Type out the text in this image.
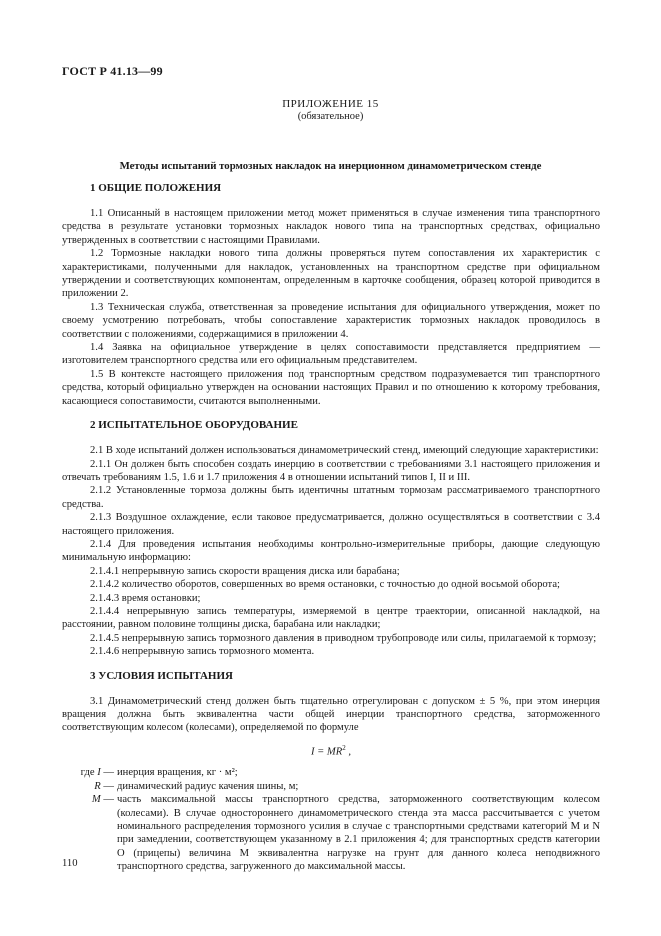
ГОСТ Р 41.13—99
ПРИЛОЖЕНИЕ 15
(обязательное)
Методы испытаний тормозных накладок на инерционном динамометрическом стенде
1 ОБЩИЕ ПОЛОЖЕНИЯ

1.1 Описанный в настоящем приложении метод может применяться в случае изменения типа транспортного средства в результате установки тормозных накладок нового типа на транспортных средствах, официально утвержденных в соответствии с настоящими Правилами.

1.2 Тормозные накладки нового типа должны проверяться путем сопоставления их характеристик с характеристиками, полученными для накладок, установленных на транспортном средстве при официальном утверждении и соответствующих компонентам, определенным в карточке сообщения, образец которой приводится в приложении 2.

1.3 Техническая служба, ответственная за проведение испытания для официального утверждения, может по своему усмотрению потребовать, чтобы сопоставление характеристик тормозных накладок проводилось в соответствии с положениями, содержащимися в приложении 4.

1.4 Заявка на официальное утверждение в целях сопоставимости представляется предприятием — изготовителем транспортного средства или его официальным представителем.

1.5 В контексте настоящего приложения под транспортным средством подразумевается тип транспортного средства, который официально утвержден на основании настоящих Правил и по отношению к которому требования, касающиеся сопоставимости, считаются выполненными.

2 ИСПЫТАТЕЛЬНОЕ ОБОРУДОВАНИЕ

2.1 В ходе испытаний должен использоваться динамометрический стенд, имеющий следующие характеристики:

2.1.1 Он должен быть способен создать инерцию в соответствии с требованиями 3.1 настоящего приложения и отвечать требованиям 1.5, 1.6 и 1.7 приложения 4 в отношении испытаний типов I, II и III.

2.1.2 Установленные тормоза должны быть идентичны штатным тормозам рассматриваемого транспортного средства.

2.1.3 Воздушное охлаждение, если таковое предусматривается, должно осуществляться в соответствии с 3.4 настоящего приложения.

2.1.4 Для проведения испытания необходимы контрольно-измерительные приборы, дающие следующую минимальную информацию:

2.1.4.1 непрерывную запись скорости вращения диска или барабана;

2.1.4.2 количество оборотов, совершенных во время остановки, с точностью до одной восьмой оборота;

2.1.4.3 время остановки;

2.1.4.4 непрерывную запись температуры, измеряемой в центре траектории, описанной накладкой, на расстоянии, равном половине толщины диска, барабана или накладки;

2.1.4.5 непрерывную запись тормозного давления в приводном трубопроводе или силы, прилагаемой к тормозу;

2.1.4.6 непрерывную запись тормозного момента.

3 УСЛОВИЯ ИСПЫТАНИЯ

3.1 Динамометрический стенд должен быть тщательно отрегулирован с допуском ± 5 %, при этом инерция вращения должна быть эквивалентна части общей инерции транспортного средства, заторможенного соответствующим колесом (колесами), определяемой по формуле

$I = MR^2$ ,

где I — инерция вращения, кг · м²;
R — динамический радиус качения шины, м;
M — часть максимальной массы транспортного средства, заторможенного соответствующим колесом (колесами). В случае одностороннего динамометрического стенда эта масса рассчитывается с учетом номинального распределения тормозного усилия в случае с транспортными средствами категорий M и N при замедлении, соответствующем указанному в 2.1 приложения 4; для транспортных средств категории O (прицепы) величина M эквивалентна нагрузке на грунт для данного колеса неподвижного транспортного средства, загруженного до максимальной массы.
110
